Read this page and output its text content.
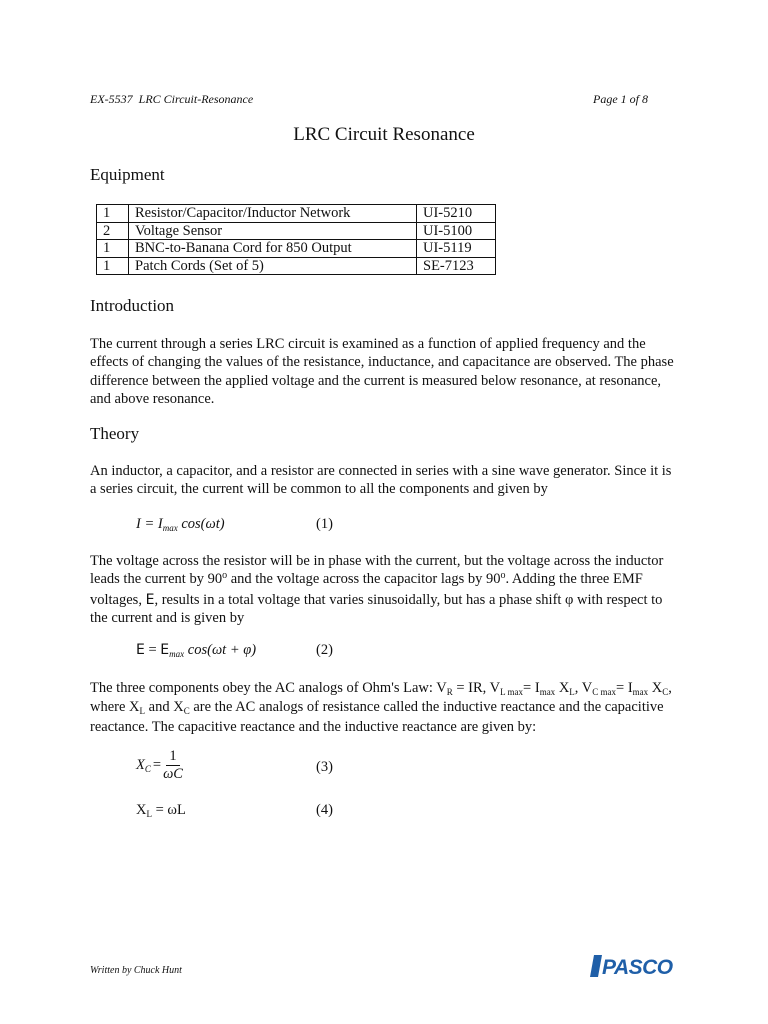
EX-5537  LRC Circuit-Resonance	Page 1 of 8
LRC Circuit Resonance
Equipment
1	Resistor/Capacitor/Inductor Network	UI-5210
2	Voltage Sensor	UI-5100
1	BNC-to-Banana Cord for 850 Output	UI-5119
1	Patch Cords (Set of 5)	SE-7123
Introduction
The current through a series LRC circuit is examined as a function of applied frequency and the effects of changing the values of the resistance, inductance, and capacitance are observed. The phase difference between the applied voltage and the current is measured below resonance, at resonance, and above resonance.
Theory
An inductor, a capacitor, and a resistor are connected in series with a sine wave generator. Since it is a series circuit, the current will be common to all the components and given by
$I = I_{max}$ cos(ωt)	(1)
The voltage across the resistor will be in phase with the current, but the voltage across the inductor leads the current by 90$^o$ and the voltage across the capacitor lags by 90$^o$. Adding the three EMF voltages, E, results in a total voltage that varies sinusoidally, but has a phase shift φ with respect to the current and is given by
$E = E_{max}$ cos(ωt + φ)	(2)
The three components obey the AC analogs of Ohm's Law: $V_R$ = IR, $V_{L max}= I_{max}$ $X_L$, $V_{C max}= I_{max}$ $X_C$, where $X_L$ and $X_C$ are the AC analogs of resistance called the inductive reactance and the capacitive reactance. The capacitive reactance and the inductive reactance are given by:
$X_C = \frac{1}{\omega C}$	(3)
$X_L = \omega L$	(4)
Written by Chuck Hunt	PASCO
